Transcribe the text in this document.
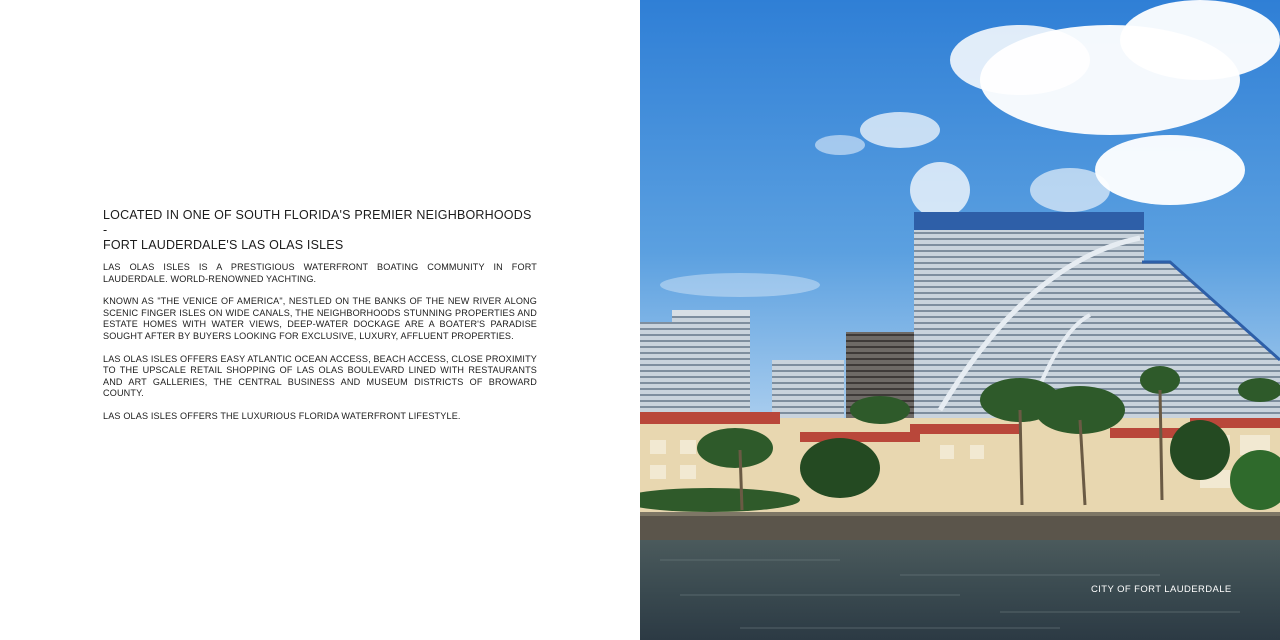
LOCATED IN ONE OF SOUTH FLORIDA'S PREMIER NEIGHBORHOODS -
FORT LAUDERDALE'S LAS OLAS ISLES

LAS OLAS ISLES IS A PRESTIGIOUS WATERFRONT BOATING COMMUNITY IN FORT LAUDERDALE. WORLD-RENOWNED YACHTING.

KNOWN AS "THE VENICE OF AMERICA", NESTLED ON THE BANKS OF THE NEW RIVER ALONG SCENIC FINGER ISLES ON WIDE CANALS, THE NEIGHBORHOODS STUNNING PROPERTIES AND ESTATE HOMES WITH WATER VIEWS, DEEP-WATER DOCKAGE ARE A BOATER'S PARADISE SOUGHT AFTER BY BUYERS LOOKING FOR EXCLUSIVE, LUXURY, AFFLUENT PROPERTIES.

LAS OLAS ISLES OFFERS EASY ATLANTIC OCEAN ACCESS, BEACH ACCESS, CLOSE PROXIMITY TO THE UPSCALE RETAIL SHOPPING OF LAS OLAS BOULEVARD LINED WITH RESTAURANTS AND ART GALLERIES, THE CENTRAL BUSINESS AND MUSEUM DISTRICTS OF BROWARD COUNTY.

LAS OLAS ISLES OFFERS THE LUXURIOUS FLORIDA WATERFRONT LIFESTYLE.

CITY OF FORT LAUDERDALE
